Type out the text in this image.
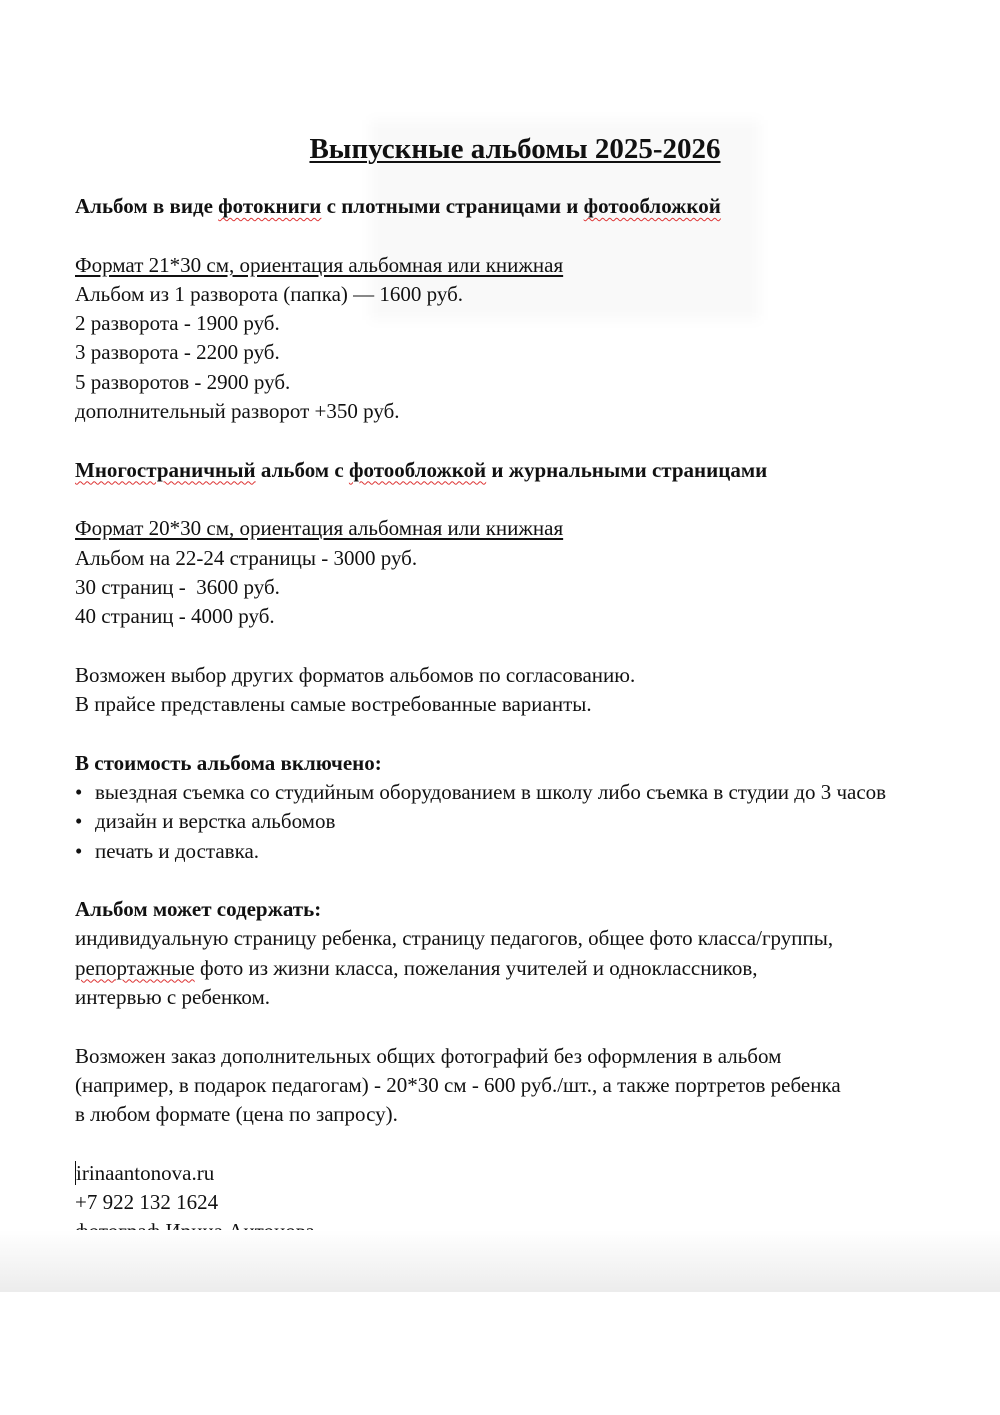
Выпускные альбомы 2025-2026
Альбом в виде фотокниги с плотными страницами и фотообложкой
Формат 21*30 см, ориентация альбомная или книжная
Альбом из 1 разворота (папка) — 1600 руб.
2 разворота - 1900 руб.
3 разворота - 2200 руб.
5 разворотов - 2900 руб.
дополнительный разворот +350 руб.
Многостраничный альбом с фотообложкой и журнальными страницами
Формат 20*30 см, ориентация альбомная или книжная
Альбом на 22-24 страницы - 3000 руб.
30 страниц -  3600 руб.
40 страниц - 4000 руб.
Возможен выбор других форматов альбомов по согласованию.
В прайсе представлены самые востребованные варианты.
В стоимость альбома включено:
• выездная съемка со студийным оборудованием в школу либо съемка в студии до 3 часов
• дизайн и верстка альбомов
• печать и доставка.
Альбом может содержать:
индивидуальную страницу ребенка, страницу педагогов, общее фото класса/группы,
репортажные фото из жизни класса, пожелания учителей и одноклассников,
интервью с ребенком.
Возможен заказ дополнительных общих фотографий без оформления в альбом
(например, в подарок педагогам) - 20*30 см - 600 руб./шт., а также портретов ребенка
в любом формате (цена по запросу).
irinaantonova.ru
+7 922 132 1624
